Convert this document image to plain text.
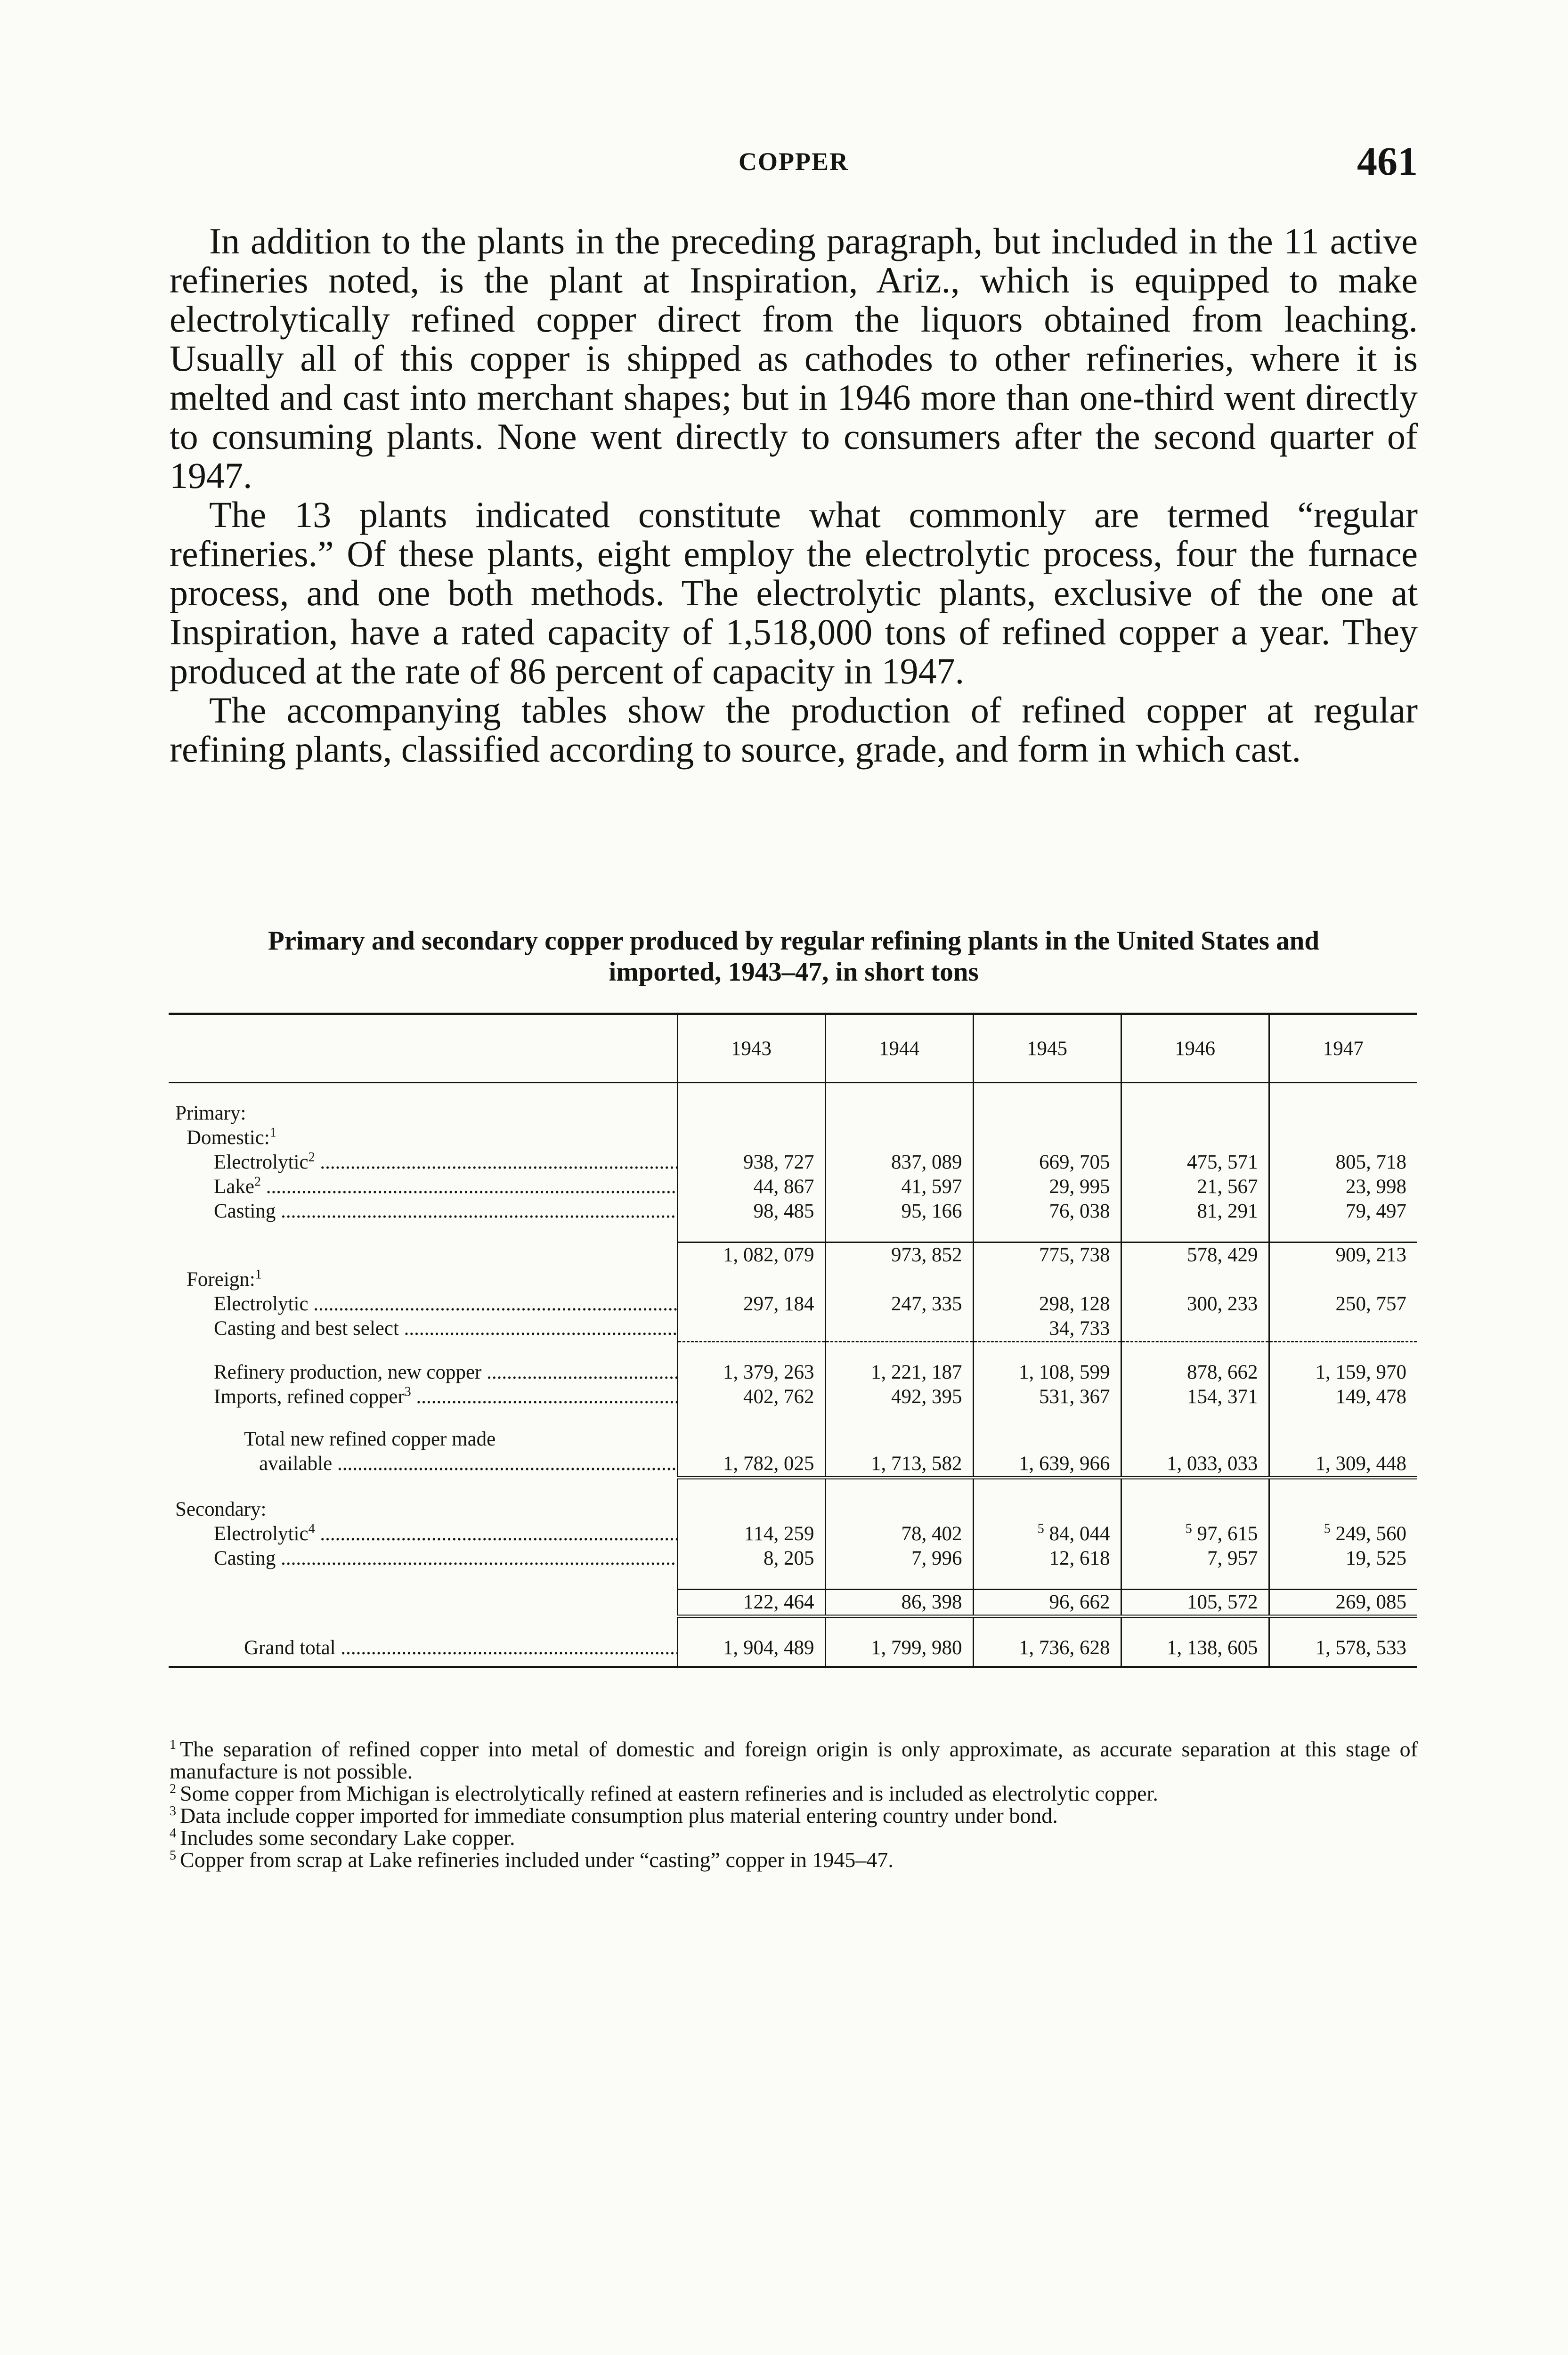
COPPER	461

In addition to the plants in the preceding paragraph, but included in the 11 active refineries noted, is the plant at Inspiration, Ariz., which is equipped to make electrolytically refined copper direct from the liquors obtained from leaching. Usually all of this copper is shipped as cathodes to other refineries, where it is melted and cast into merchant shapes; but in 1946 more than one-third went directly to consuming plants. None went directly to consumers after the second quarter of 1947.

The 13 plants indicated constitute what commonly are termed “regular refineries.” Of these plants, eight employ the electrolytic process, four the furnace process, and one both methods. The electrolytic plants, exclusive of the one at Inspiration, have a rated capacity of 1,518,000 tons of refined copper a year. They produced at the rate of 86 percent of capacity in 1947.

The accompanying tables show the production of refined copper at regular refining plants, classified according to source, grade, and form in which cast.

Primary and secondary copper produced by regular refining plants in the United States and imported, 1943–47, in short tons
	1943	1944	1945	1946	1947

Primary:					
Domestic:$^1$					
Electrolytic$^2$ .....	938, 727	837, 089	669, 705	475, 571	805, 718
Lake$^2$ .....	44, 867	41, 597	29, 995	21, 567	23, 998
Casting .....	98, 485	95, 166	76, 038	81, 291	79, 497

	1, 082, 079	973, 852	775, 738	578, 429	909, 213
Foreign:$^1$					
Electrolytic .....	297, 184	247, 335	298, 128	300, 233	250, 757
Casting and best select .....			34, 733		

Refinery production, new copper .....	1, 379, 263	1, 221, 187	1, 108, 599	878, 662	1, 159, 970
Imports, refined copper$^3$ .....	402, 762	492, 395	531, 367	154, 371	149, 478

Total new refined copper made					
available .....	1, 782, 025	1, 713, 582	1, 639, 966	1, 033, 033	1, 309, 448

Secondary:					
Electrolytic$^4$ .....	114, 259	78, 402	$^5$ 84, 044	$^5$ 97, 615	$^5$ 249, 560
Casting .....	8, 205	7, 996	12, 618	7, 957	19, 525

	122, 464	86, 398	96, 662	105, 572	269, 085

Grand total .....	1, 904, 489	1, 799, 980	1, 736, 628	1, 138, 605	1, 578, 533

$^1$ The separation of refined copper into metal of domestic and foreign origin is only approximate, as accurate separation at this stage of manufacture is not possible.

$^2$ Some copper from Michigan is electrolytically refined at eastern refineries and is included as electrolytic copper.

$^3$ Data include copper imported for immediate consumption plus material entering country under bond.

$^4$ Includes some secondary Lake copper.

$^5$ Copper from scrap at Lake refineries included under “casting” copper in 1945–47.
